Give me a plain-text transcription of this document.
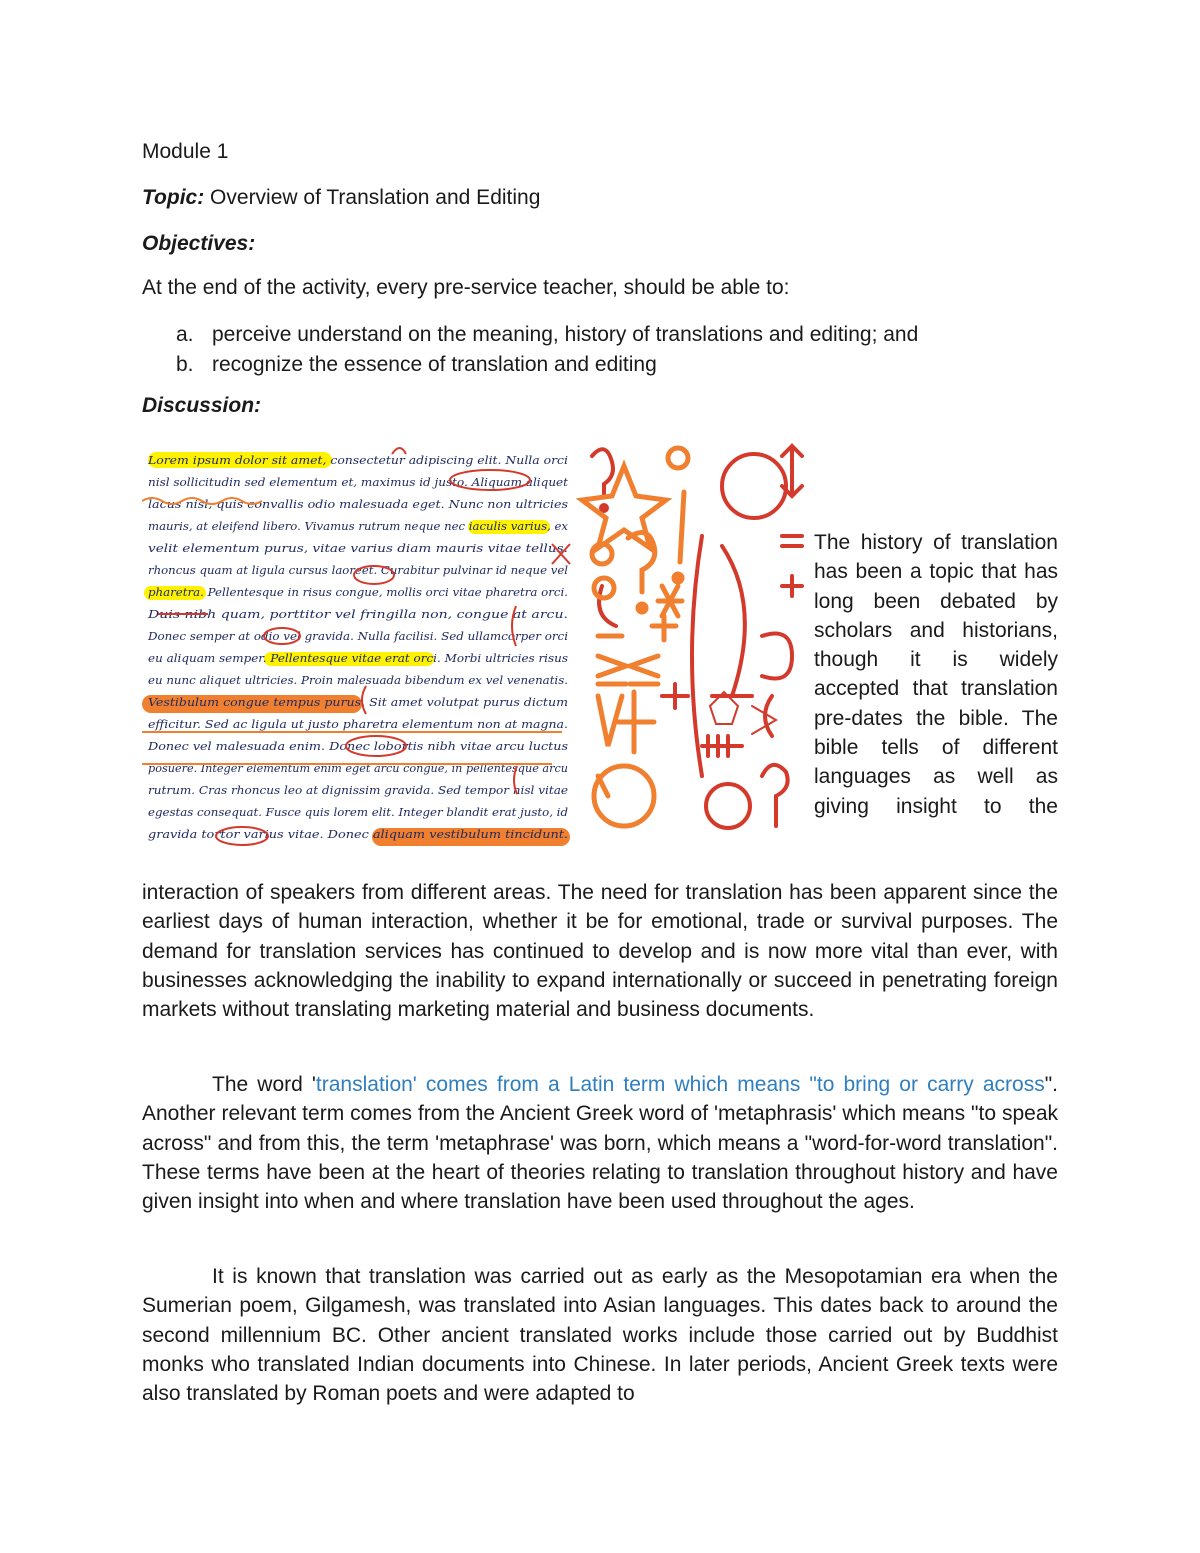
Module 1
Topic: Overview of Translation and Editing
Objectives:
At the end of the activity, every pre-service teacher, should be able to:
a. perceive understand on the meaning, history of translations and editing; and
b. recognize the essence of translation and editing
Discussion:
Lorem ipsum dolor sit amet, consectetur adipiscing elit. Nulla orci
nisl sollicitudin sed elementum et, maximus id justo. Aliquam aliquet
lacus nisl, quis convallis odio malesuada eget. Nunc non ultricies
mauris, at eleifend libero. Vivamus rutrum neque nec iaculis varius, ex
velit elementum purus, vitae varius diam mauris vitae tellus.
rhoncus quam at ligula cursus laoreet. Curabitur pulvinar id neque vel
pharetra. Pellentesque in risus congue, mollis orci vitae pharetra orci.
Duis nibh quam, porttitor vel fringilla non, congue at arcu.
Donec semper at odio vel gravida. Nulla facilisi. Sed ullamcorper orci
eu aliquam semper. Pellentesque vitae erat orci. Morbi ultricies risus
eu nunc aliquet ultricies. Proin malesuada bibendum ex vel venenatis.
Vestibulum congue tempus purus. Sit amet volutpat purus dictum
efficitur. Sed ac ligula ut justo pharetra elementum non at magna.
Donec vel malesuada enim. Donec lobortis nibh vitae arcu luctus
posuere. Integer elementum enim eget arcu congue, in pellentesque arcu
rutrum. Cras rhoncus leo at dignissim gravida. Sed tempor nisl vitae
egestas consequat. Fusce quis lorem elit. Integer blandit erat justo, id
gravida tortor varius vitae. Donec aliquam vestibulum tincidunt.
The history of translation has been a topic that has long been debated by scholars and historians, though it is widely accepted that translation pre-dates the bible. The bible tells of different languages as well as giving insight to the
interaction of speakers from different areas. The need for translation has been apparent since the earliest days of human interaction, whether it be for emotional, trade or survival purposes. The demand for translation services has continued to develop and is now more vital than ever, with businesses acknowledging the inability to expand internationally or succeed in penetrating foreign markets without translating marketing material and business documents.
The word 'translation' comes from a Latin term which means "to bring or carry across". Another relevant term comes from the Ancient Greek word of 'metaphrasis' which means "to speak across" and from this, the term 'metaphrase' was born, which means a "word-for-word translation". These terms have been at the heart of theories relating to translation throughout history and have given insight into when and where translation have been used throughout the ages.
It is known that translation was carried out as early as the Mesopotamian era when the Sumerian poem, Gilgamesh, was translated into Asian languages. This dates back to around the second millennium BC. Other ancient translated works include those carried out by Buddhist monks who translated Indian documents into Chinese. In later periods, Ancient Greek texts were also translated by Roman poets and were adapted to
